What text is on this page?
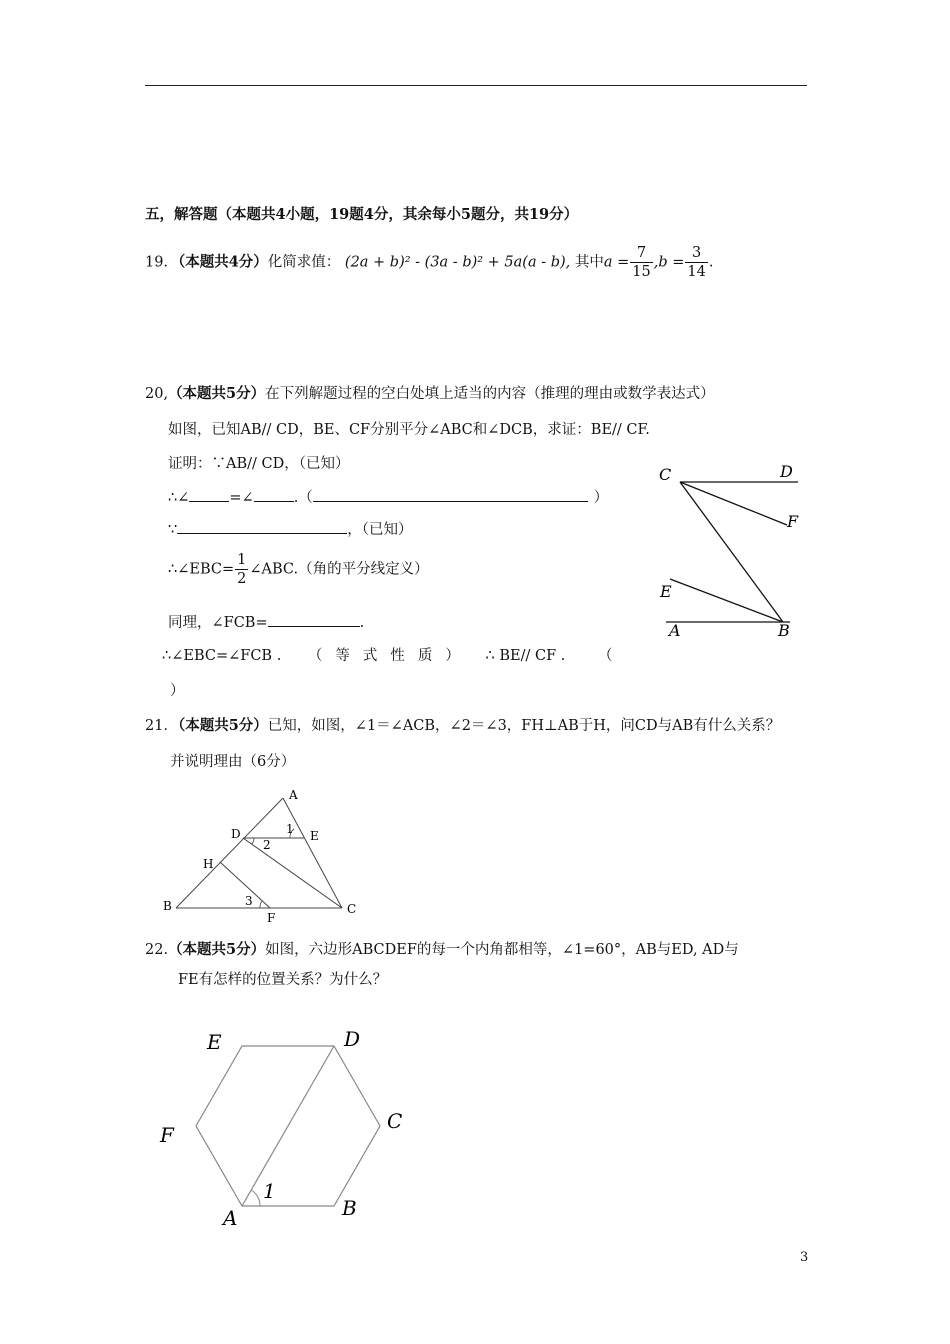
五，解答题（本题共4小题，19题4分，其余每小5题分，共19分）
19．（本题共4分）化简求值： (2a + b)² - (3a - b)² + 5a(a - b), 其中$a = \frac{7}{15} ,b = \frac{3}{14}$ .
20,（本题共5分）在下列解题过程的空白处填上适当的内容（推理的理由或数学表达式）
如图，已知AB// CD，BE、CF分别平分∠ABC和∠DCB，求证：BE// CF.
证明：∵AB// CD，（已知）
∴∠	=∠	.（	）
∵	，（已知）
∴∠EBC= $\frac{1}{2}$ ∠ABC.（角的平分线定义）
同理，∠FCB=	.
∴∠EBC=∠FCB . （等式性质） ∴ BE// CF . （
）
C	D
F
E
A	B
21．（本题共5分）已知，如图，∠1＝∠ACB，∠2＝∠3，FH⊥AB于H，问CD与AB有什么关系？
并说明理由（6分）
A
D	1 E
2
H
B	3
F
C
22.（本题共5分）如图，六边形ABCDEF的每一个内角都相等，∠1=60°，AB与ED, AD与
FE有怎样的位置关系？为什么？
E	D
F
C
1
A	B
3
